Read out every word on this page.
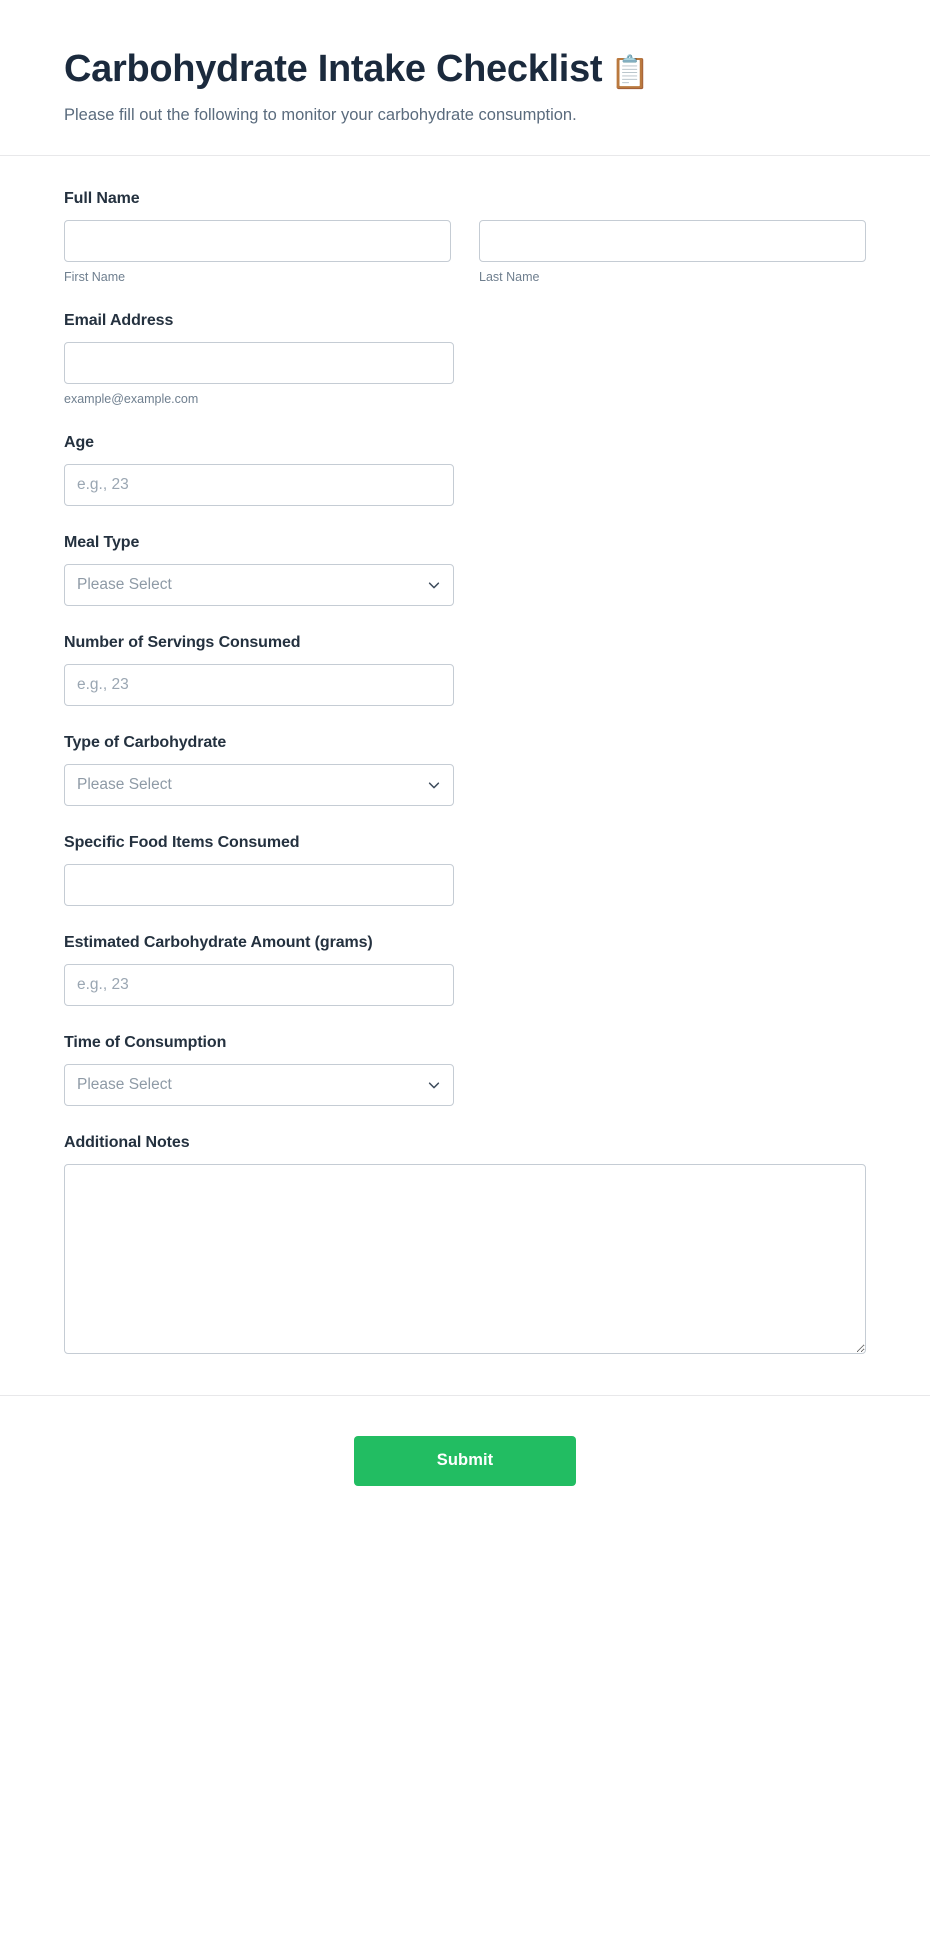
Carbohydrate Intake Checklist 📋

Please fill out the following to monitor your carbohydrate consumption.

Full Name
First Name	Last Name
Email Address
example@example.com
Age
e.g., 23
Meal Type
Please Select
Number of Servings Consumed
e.g., 23
Type of Carbohydrate
Please Select
Specific Food Items Consumed
Estimated Carbohydrate Amount (grams)
e.g., 23
Time of Consumption
Please Select
Additional Notes
Submit
